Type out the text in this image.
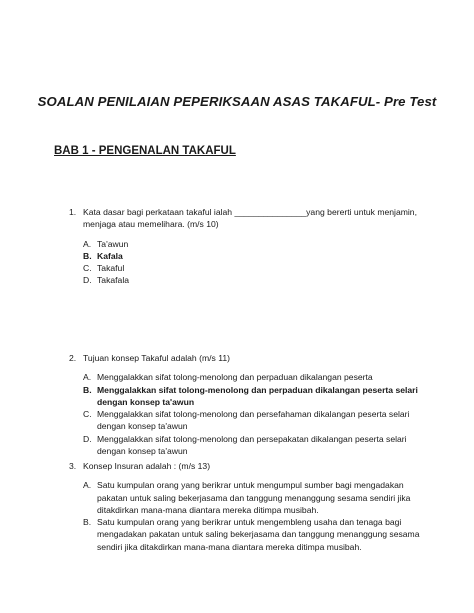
SOALAN PENILAIAN PEPERIKSAAN ASAS TAKAFUL- Pre Test
BAB 1 - PENGENALAN TAKAFUL
1. Kata dasar bagi perkataan takaful ialah _______________yang bererti untuk menjamin, menjaga atau memelihara. (m/s 10)
A. Ta'awun
B. Kafala
C. Takaful
D. Takafala
2. Tujuan konsep Takaful adalah (m/s 11)
A. Menggalakkan sifat tolong-menolong dan perpaduan dikalangan peserta
B. Menggalakkan sifat tolong-menolong dan perpaduan dikalangan peserta selari dengan konsep ta'awun
C. Menggalakkan sifat tolong-menolong dan persefahaman dikalangan peserta selari dengan konsep ta'awun
D. Menggalakkan sifat tolong-menolong dan persepakatan dikalangan peserta selari dengan konsep ta'awun
3. Konsep Insuran adalah : (m/s 13)
A. Satu kumpulan orang yang berikrar untuk mengumpul sumber bagi mengadakan pakatan untuk saling bekerjasama dan tanggung menanggung sesama sendiri jika ditakdirkan mana-mana diantara mereka ditimpa musibah.
B. Satu kumpulan orang yang berikrar untuk mengembleng usaha dan tenaga bagi mengadakan pakatan untuk saling bekerjasama dan tanggung menanggung sesama sendiri jika ditakdirkan mana-mana diantara mereka ditimpa musibah.
